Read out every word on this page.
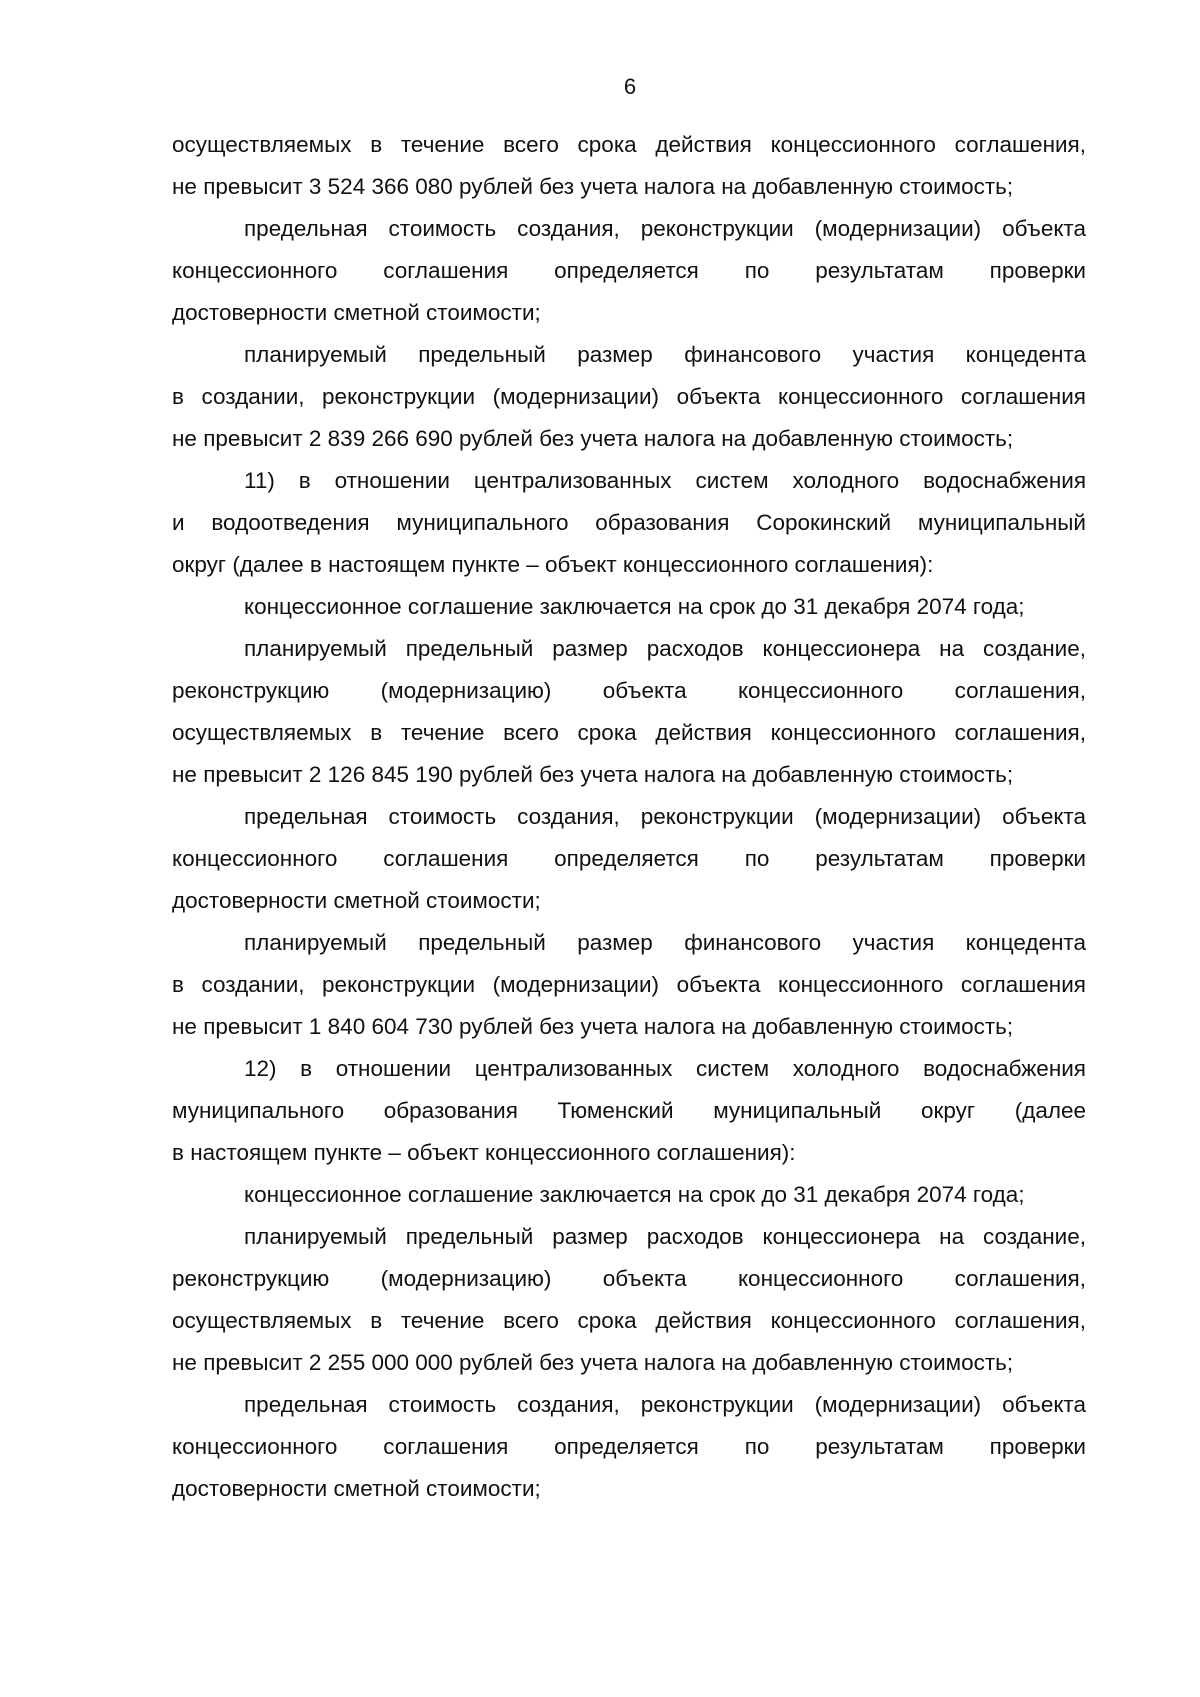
6
осуществляемых в течение всего срока действия концессионного соглашения,
не превысит 3 524 366 080 рублей без учета налога на добавленную стоимость;
предельная стоимость создания, реконструкции (модернизации) объекта
концессионного соглашения определяется по результатам проверки
достоверности сметной стоимости;
планируемый предельный размер финансового участия концедента
в создании, реконструкции (модернизации) объекта концессионного соглашения
не превысит 2 839 266 690 рублей без учета налога на добавленную стоимость;
11) в отношении централизованных систем холодного водоснабжения
и водоотведения муниципального образования Сорокинский муниципальный
округ (далее в настоящем пункте – объект концессионного соглашения):
концессионное соглашение заключается на срок до 31 декабря 2074 года;
планируемый предельный размер расходов концессионера на создание,
реконструкцию (модернизацию) объекта концессионного соглашения,
осуществляемых в течение всего срока действия концессионного соглашения,
не превысит 2 126 845 190 рублей без учета налога на добавленную стоимость;
предельная стоимость создания, реконструкции (модернизации) объекта
концессионного соглашения определяется по результатам проверки
достоверности сметной стоимости;
планируемый предельный размер финансового участия концедента
в создании, реконструкции (модернизации) объекта концессионного соглашения
не превысит 1 840 604 730 рублей без учета налога на добавленную стоимость;
12) в отношении централизованных систем холодного водоснабжения
муниципального образования Тюменский муниципальный округ (далее
в настоящем пункте – объект концессионного соглашения):
концессионное соглашение заключается на срок до 31 декабря 2074 года;
планируемый предельный размер расходов концессионера на создание,
реконструкцию (модернизацию) объекта концессионного соглашения,
осуществляемых в течение всего срока действия концессионного соглашения,
не превысит 2 255 000 000 рублей без учета налога на добавленную стоимость;
предельная стоимость создания, реконструкции (модернизации) объекта
концессионного соглашения определяется по результатам проверки
достоверности сметной стоимости;
